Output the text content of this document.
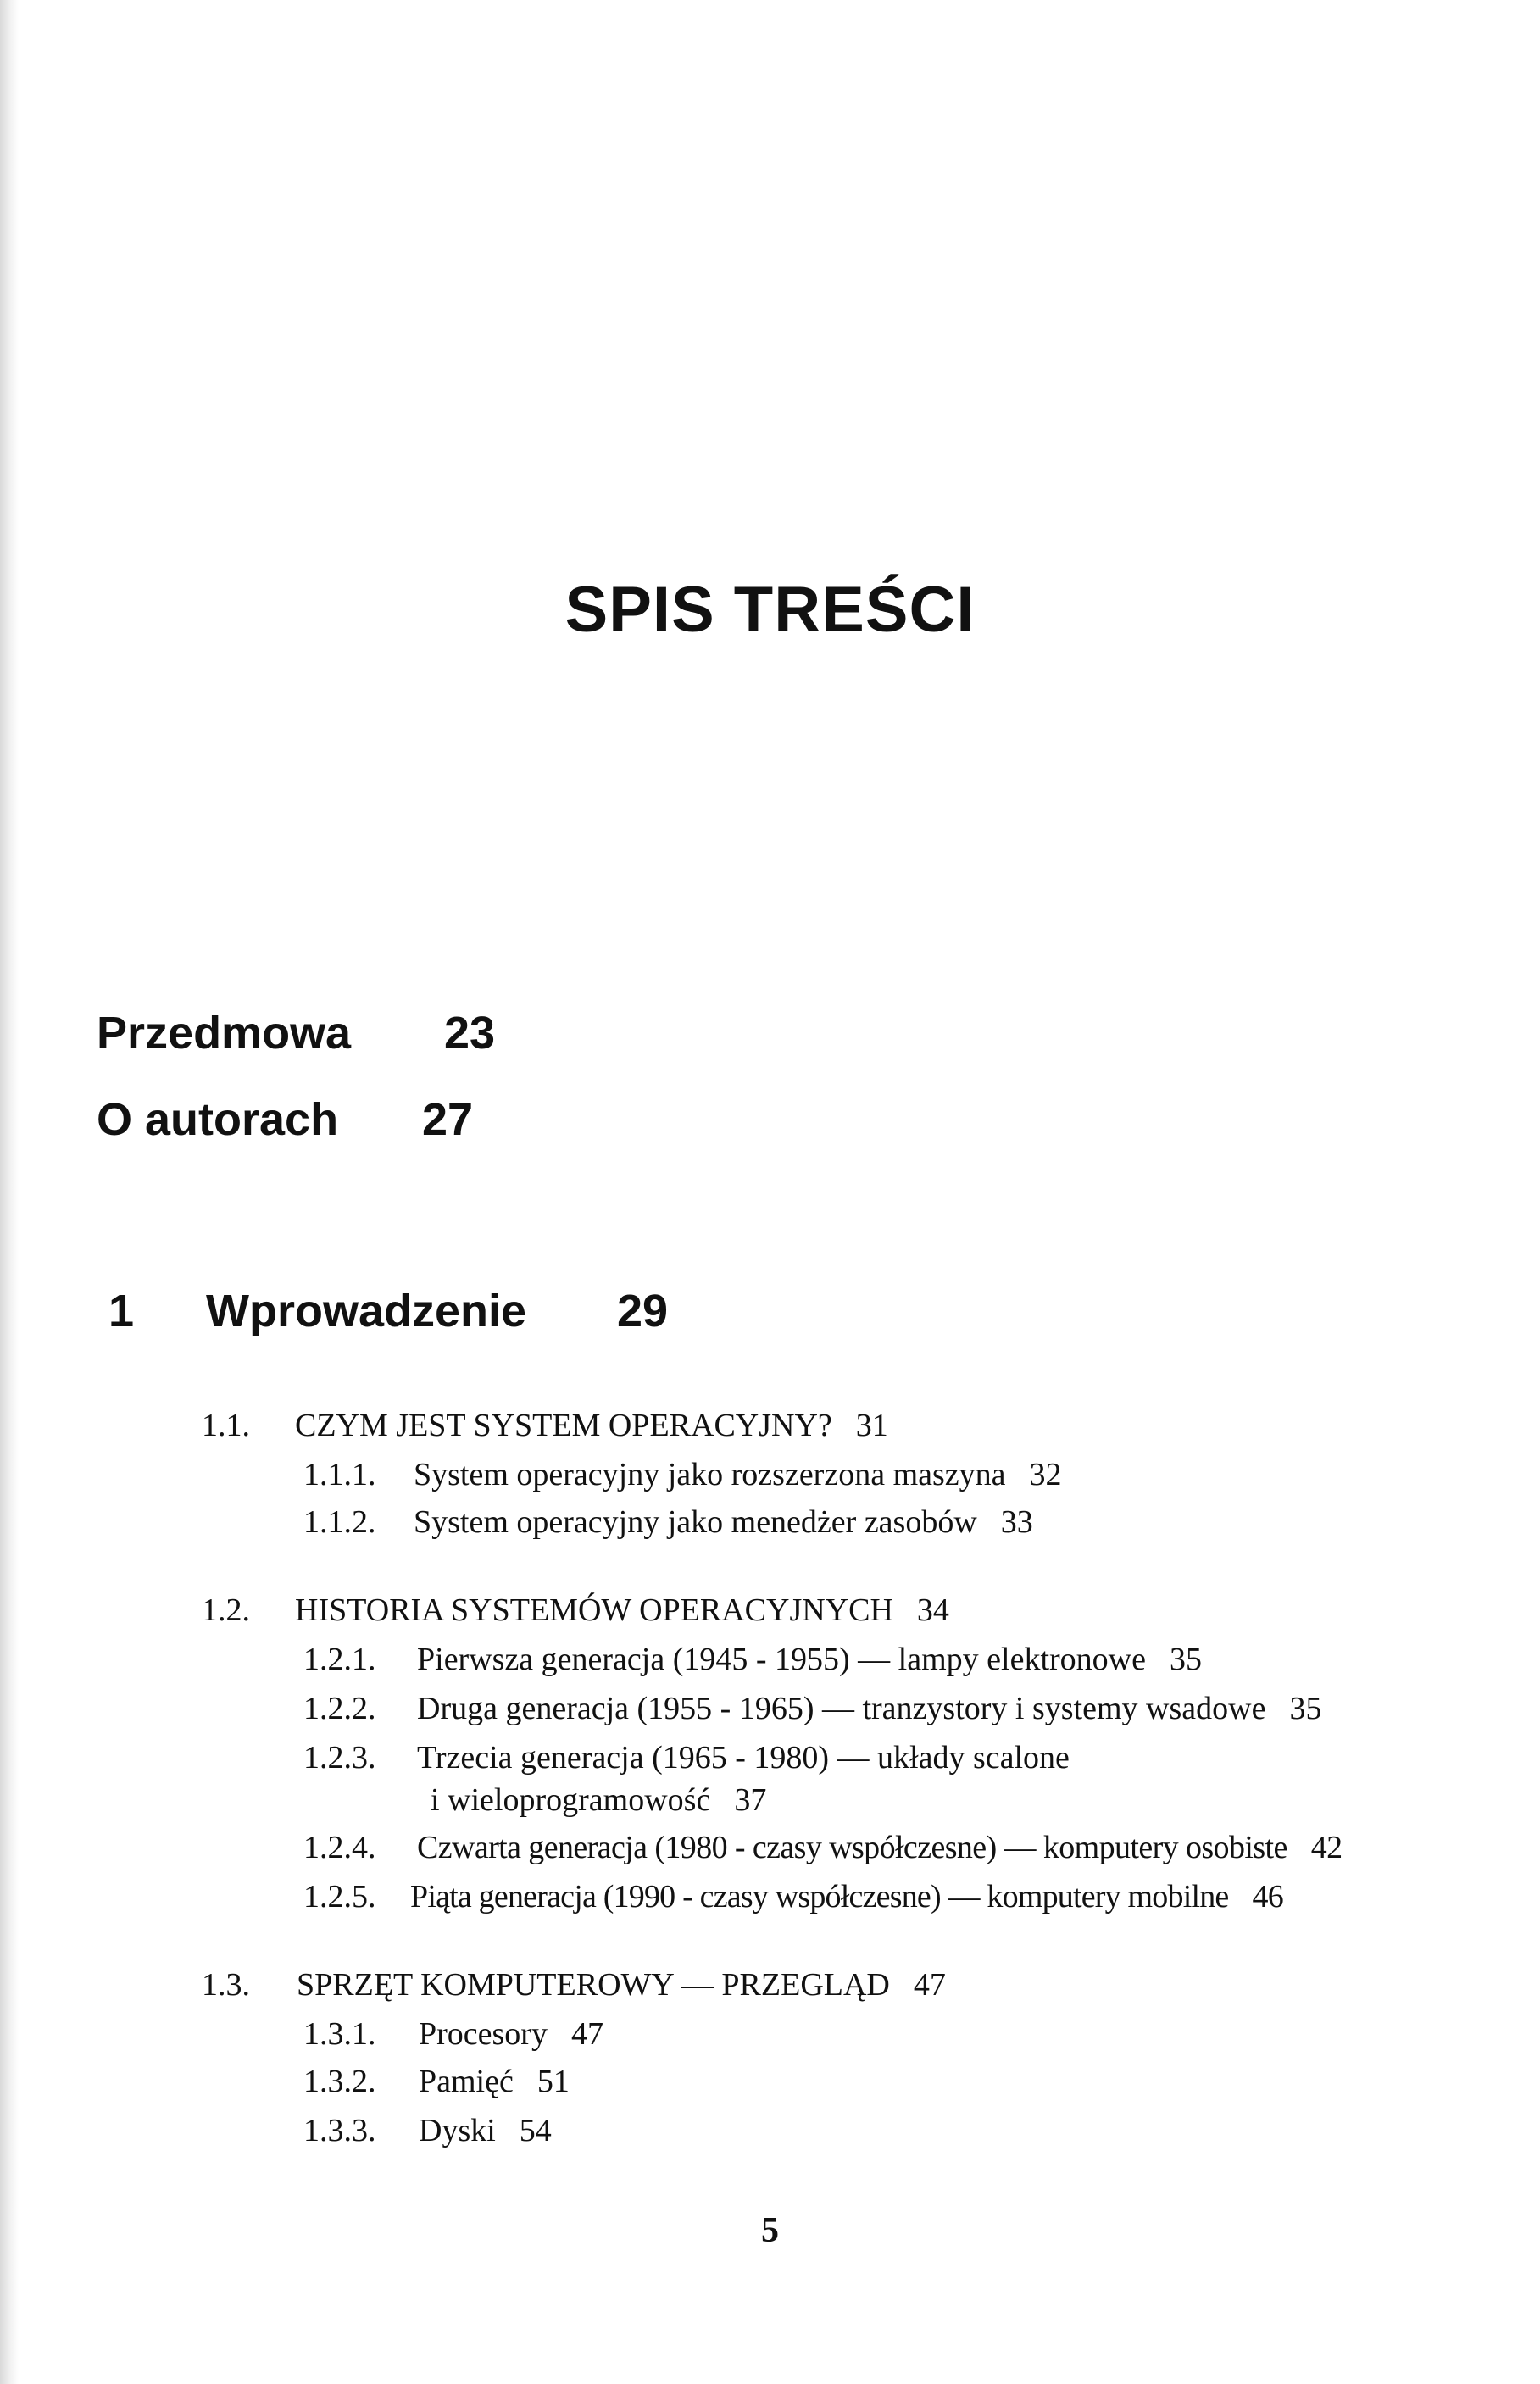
SPIS TREŚCI
Przedmowa 23
O autorach 27
1 Wprowadzenie 29
1.1. CZYM JEST SYSTEM OPERACYJNY? 31
1.1.1. System operacyjny jako rozszerzona maszyna 32
1.1.2. System operacyjny jako menedżer zasobów 33
1.2. HISTORIA SYSTEMÓW OPERACYJNYCH 34
1.2.1. Pierwsza generacja (1945 - 1955) — lampy elektronowe 35
1.2.2. Druga generacja (1955 - 1965) — tranzystory i systemy wsadowe 35
1.2.3. Trzecia generacja (1965 - 1980) — układy scalone
i wieloprogramowość 37
1.2.4. Czwarta generacja (1980 - czasy współczesne) — komputery osobiste 42
1.2.5. Piąta generacja (1990 - czasy współczesne) — komputery mobilne 46
1.3. SPRZĘT KOMPUTEROWY — PRZEGLĄD 47
1.3.1. Procesory 47
1.3.2. Pamięć 51
1.3.3. Dyski 54
5
